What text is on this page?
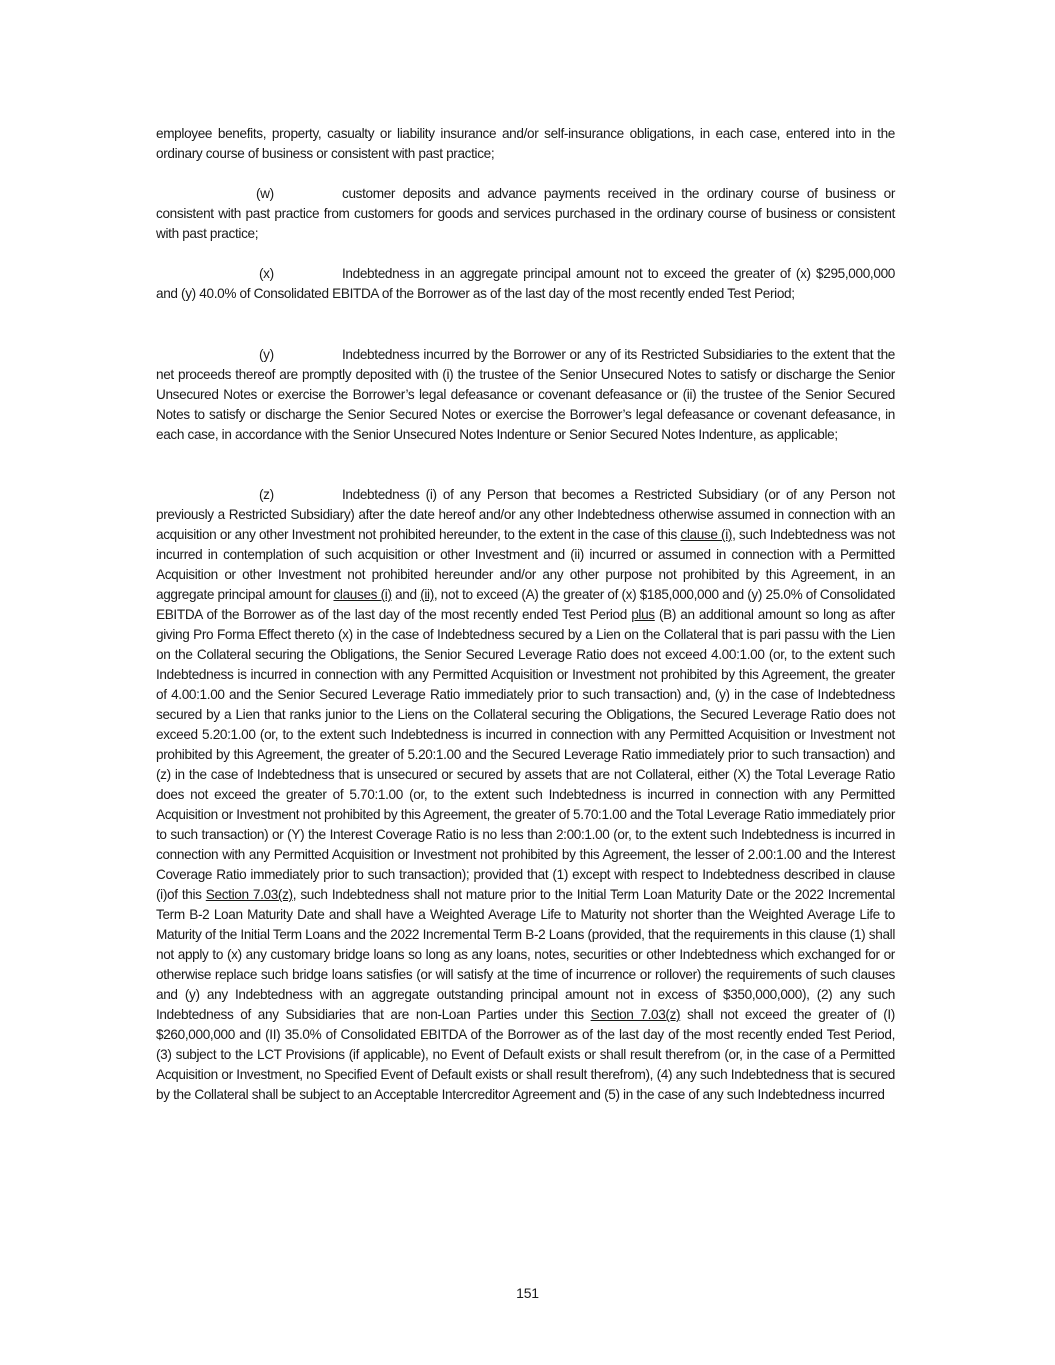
employee benefits, property, casualty or liability insurance and/or self-insurance obligations, in each case, entered into in the ordinary course of business or consistent with past practice;

(w)	customer deposits and advance payments received in the ordinary course of business or consistent with past practice from customers for goods and services purchased in the ordinary course of business or consistent with past practice;

(x)	Indebtedness in an aggregate principal amount not to exceed the greater of (x) $295,000,000 and (y) 40.0% of Consolidated EBITDA of the Borrower as of the last day of the most recently ended Test Period;

(y)	Indebtedness incurred by the Borrower or any of its Restricted Subsidiaries to the extent that the net proceeds thereof are promptly deposited with (i) the trustee of the Senior Unsecured Notes to satisfy or discharge the Senior Unsecured Notes or exercise the Borrower’s legal defeasance or covenant defeasance or (ii) the trustee of the Senior Secured Notes to satisfy or discharge the Senior Secured Notes or exercise the Borrower’s legal defeasance or covenant defeasance, in each case, in accordance with the Senior Unsecured Notes Indenture or Senior Secured Notes Indenture, as applicable;

(z)	Indebtedness (i) of any Person that becomes a Restricted Subsidiary (or of any Person not previously a Restricted Subsidiary) after the date hereof and/or any other Indebtedness otherwise assumed in connection with an acquisition or any other Investment not prohibited hereunder, to the extent in the case of this clause (i), such Indebtedness was not incurred in contemplation of such acquisition or other Investment and (ii) incurred or assumed in connection with a Permitted Acquisition or other Investment not prohibited hereunder and/or any other purpose not prohibited by this Agreement, in an aggregate principal amount for clauses (i) and (ii), not to exceed (A) the greater of (x) $185,000,000 and (y) 25.0% of Consolidated EBITDA of the Borrower as of the last day of the most recently ended Test Period plus (B) an additional amount so long as after giving Pro Forma Effect thereto (x) in the case of Indebtedness secured by a Lien on the Collateral that is pari passu with the Lien on the Collateral securing the Obligations, the Senior Secured Leverage Ratio does not exceed 4.00:1.00 (or, to the extent such Indebtedness is incurred in connection with any Permitted Acquisition or Investment not prohibited by this Agreement, the greater of 4.00:1.00 and the Senior Secured Leverage Ratio immediately prior to such transaction) and, (y) in the case of Indebtedness secured by a Lien that ranks junior to the Liens on the Collateral securing the Obligations, the Secured Leverage Ratio does not exceed 5.20:1.00 (or, to the extent such Indebtedness is incurred in connection with any Permitted Acquisition or Investment not prohibited by this Agreement, the greater of 5.20:1.00 and the Secured Leverage Ratio immediately prior to such transaction) and (z) in the case of Indebtedness that is unsecured or secured by assets that are not Collateral, either (X) the Total Leverage Ratio does not exceed the greater of 5.70:1.00 (or, to the extent such Indebtedness is incurred in connection with any Permitted Acquisition or Investment not prohibited by this Agreement, the greater of 5.70:1.00 and the Total Leverage Ratio immediately prior to such transaction) or (Y) the Interest Coverage Ratio is no less than 2:00:1.00 (or, to the extent such Indebtedness is incurred in connection with any Permitted Acquisition or Investment not prohibited by this Agreement, the lesser of 2.00:1.00 and the Interest Coverage Ratio immediately prior to such transaction); provided that (1) except with respect to Indebtedness described in clause (i)of this Section 7.03(z), such Indebtedness shall not mature prior to the Initial Term Loan Maturity Date or the 2022 Incremental Term B-2 Loan Maturity Date and shall have a Weighted Average Life to Maturity not shorter than the Weighted Average Life to Maturity of the Initial Term Loans and the 2022 Incremental Term B-2 Loans (provided, that the requirements in this clause (1) shall not apply to (x) any customary bridge loans so long as any loans, notes, securities or other Indebtedness which exchanged for or otherwise replace such bridge loans satisfies (or will satisfy at the time of incurrence or rollover) the requirements of such clauses and (y) any Indebtedness with an aggregate outstanding principal amount not in excess of $350,000,000), (2) any such Indebtedness of any Subsidiaries that are non-Loan Parties under this Section 7.03(z) shall not exceed the greater of (I) $260,000,000 and (II) 35.0% of Consolidated EBITDA of the Borrower as of the last day of the most recently ended Test Period, (3) subject to the LCT Provisions (if applicable), no Event of Default exists or shall result therefrom (or, in the case of a Permitted Acquisition or Investment, no Specified Event of Default exists or shall result therefrom), (4) any such Indebtedness that is secured by the Collateral shall be subject to an Acceptable Intercreditor Agreement and (5) in the case of any such Indebtedness incurred

151
